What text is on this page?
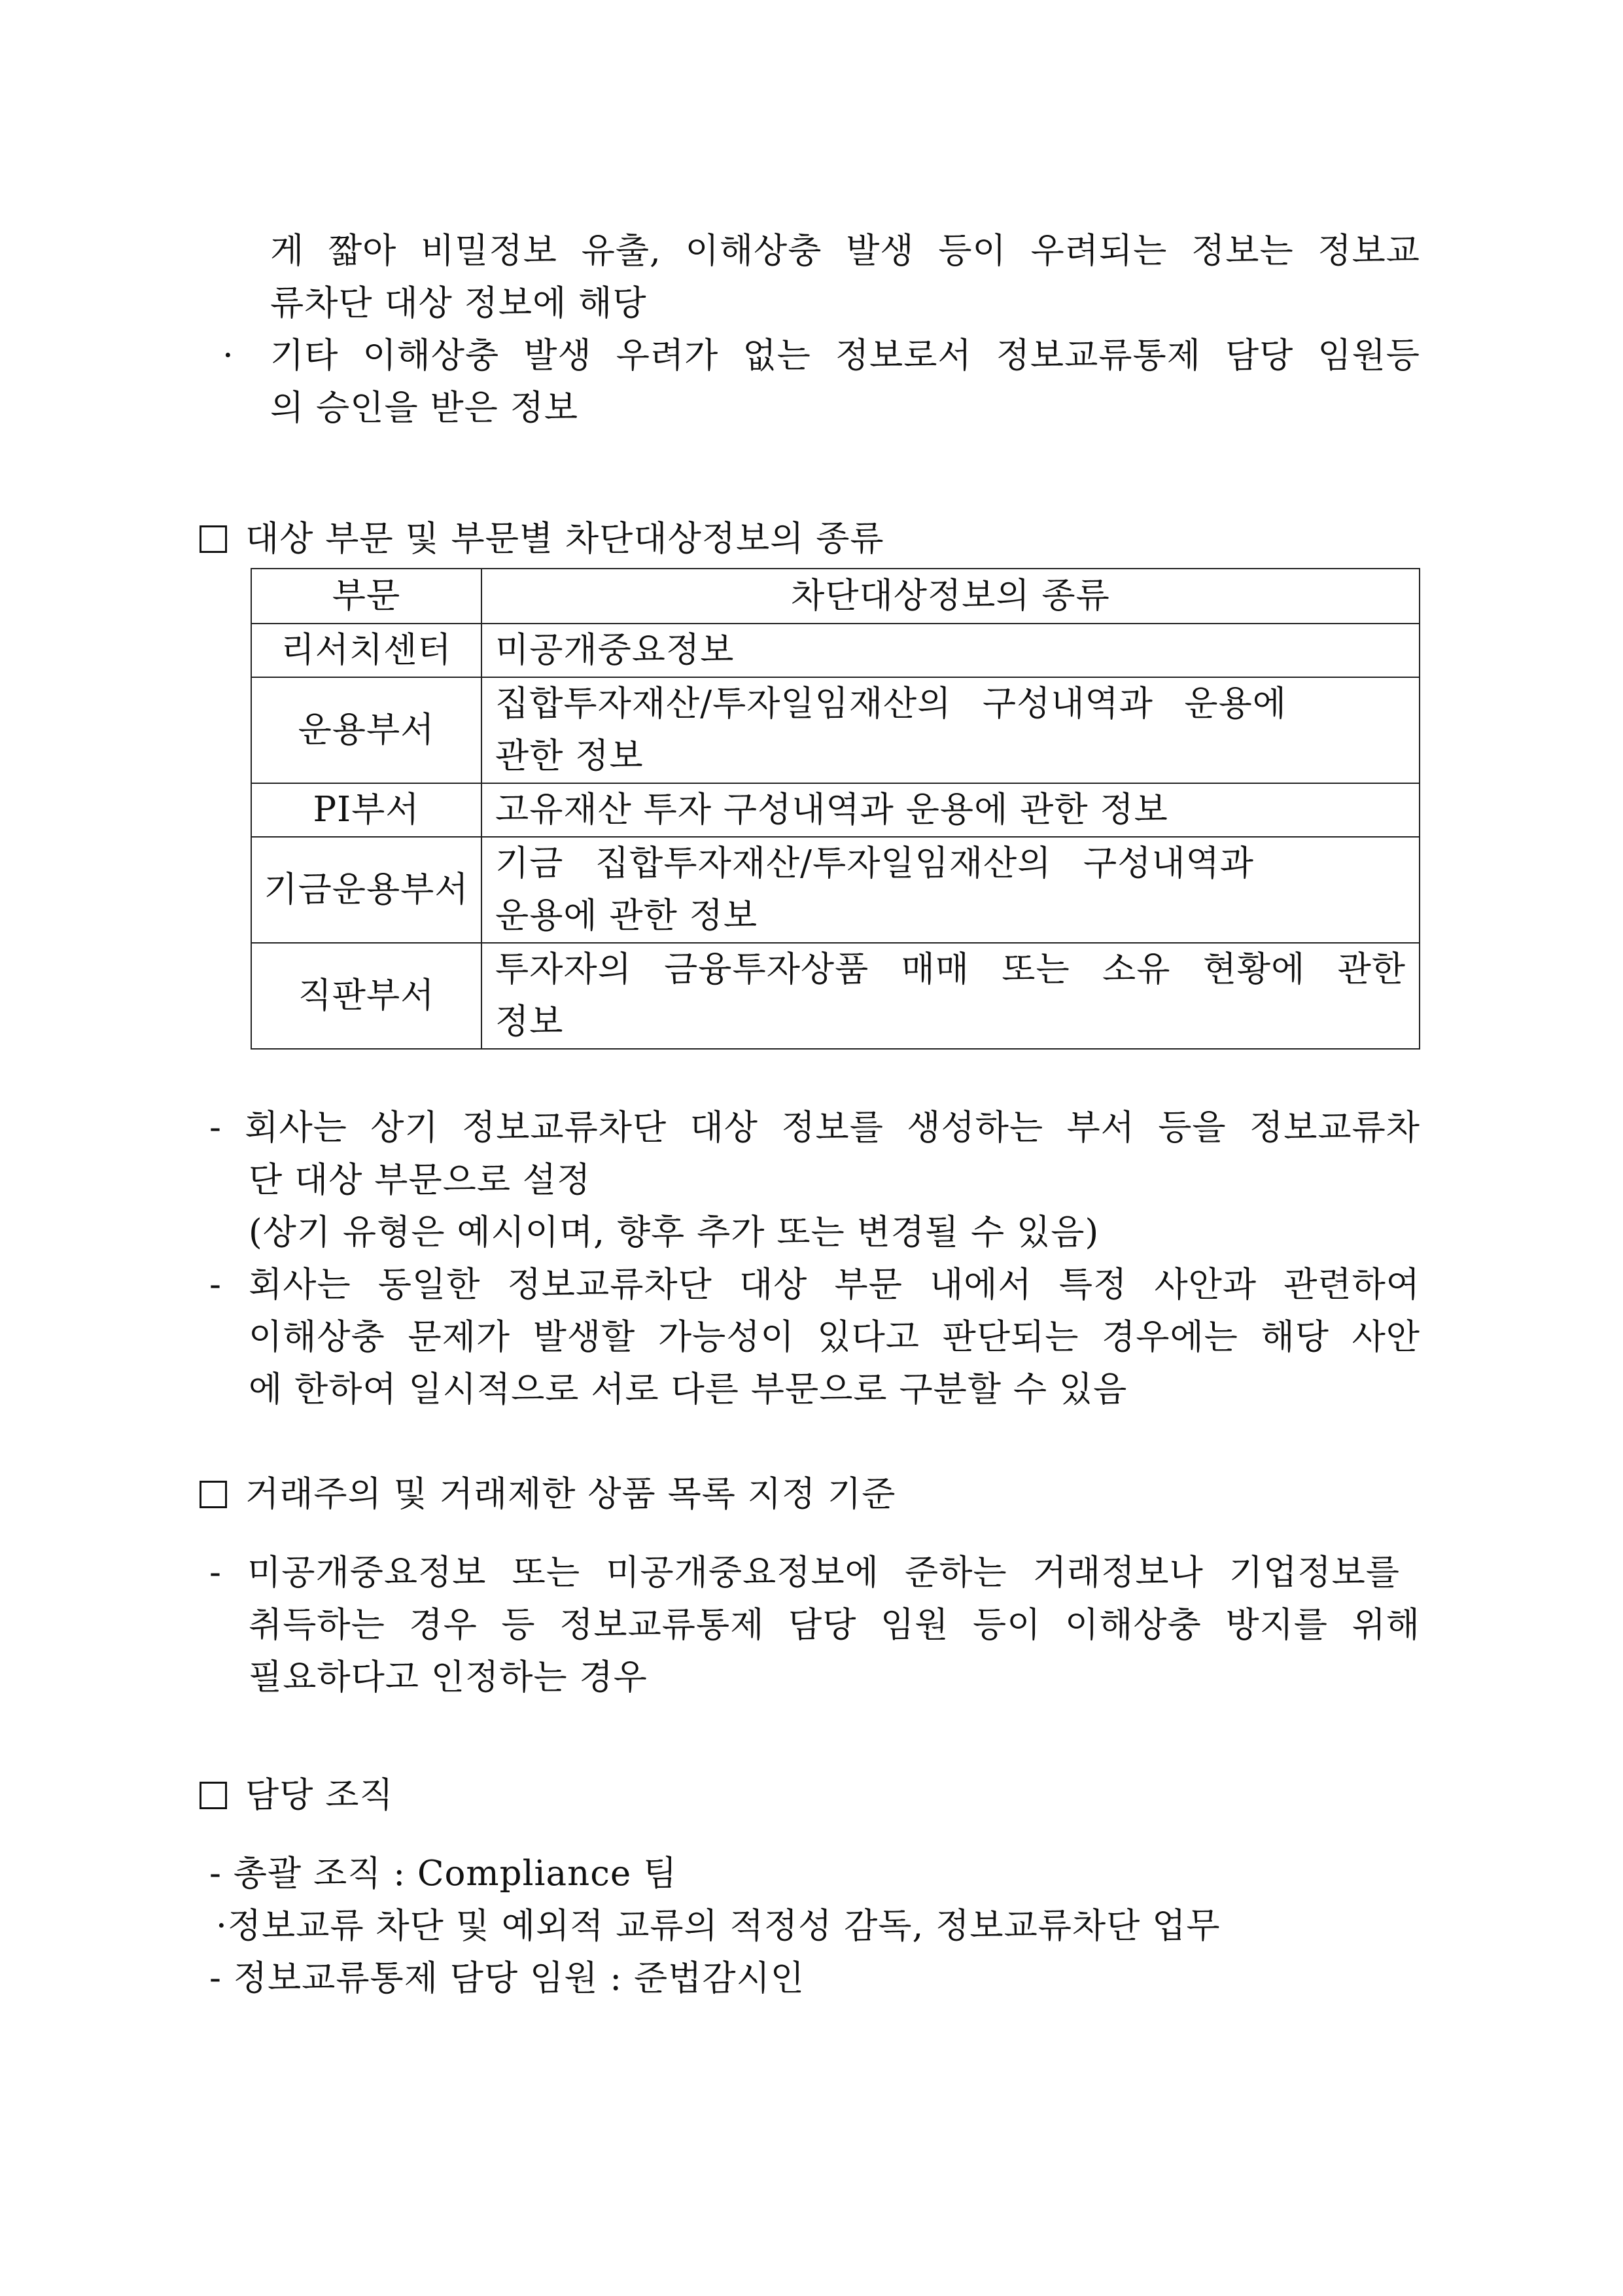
게 짧아 비밀정보 유출, 이해상충 발생 등이 우려되는 정보는 정보교
류차단 대상 정보에 해당
· 기타 이해상충 발생 우려가 없는 정보로서 정보교류통제 담당 임원등
의 승인을 받은 정보
대상 부문 및 부문별 차단대상정보의 종류
부문	차단대상정보의 종류
리서치센터	미공개중요정보
운용부서	집합투자재산/투자일임재산의 구성내역과 운용에
관한 정보

PI부서	고유재산 투자 구성내역과 운용에 관한 정보
기금운용부서	기금 집합투자재산/투자일임재산의 구성내역과
운용에 관한 정보

직판부서	투자자의 금융투자상품 매매 또는 소유 현황에 관한
정보
- 회사는 상기 정보교류차단 대상 정보를 생성하는 부서 등을 정보교류차
단 대상 부문으로 설정
(상기 유형은 예시이며, 향후 추가 또는 변경될 수 있음)
- 회사는 동일한 정보교류차단 대상 부문 내에서 특정 사안과 관련하여
이해상충 문제가 발생할 가능성이 있다고 판단되는 경우에는 해당 사안
에 한하여 일시적으로 서로 다른 부문으로 구분할 수 있음
거래주의 및 거래제한 상품 목록 지정 기준
- 미공개중요정보 또는 미공개중요정보에 준하는 거래정보나 기업정보를
취득하는 경우 등 정보교류통제 담당 임원 등이 이해상충 방지를 위해
필요하다고 인정하는 경우
담당 조직
- 총괄 조직 : Compliance 팀
·정보교류 차단 및 예외적 교류의 적정성 감독, 정보교류차단 업무
- 정보교류통제 담당 임원 : 준법감시인
